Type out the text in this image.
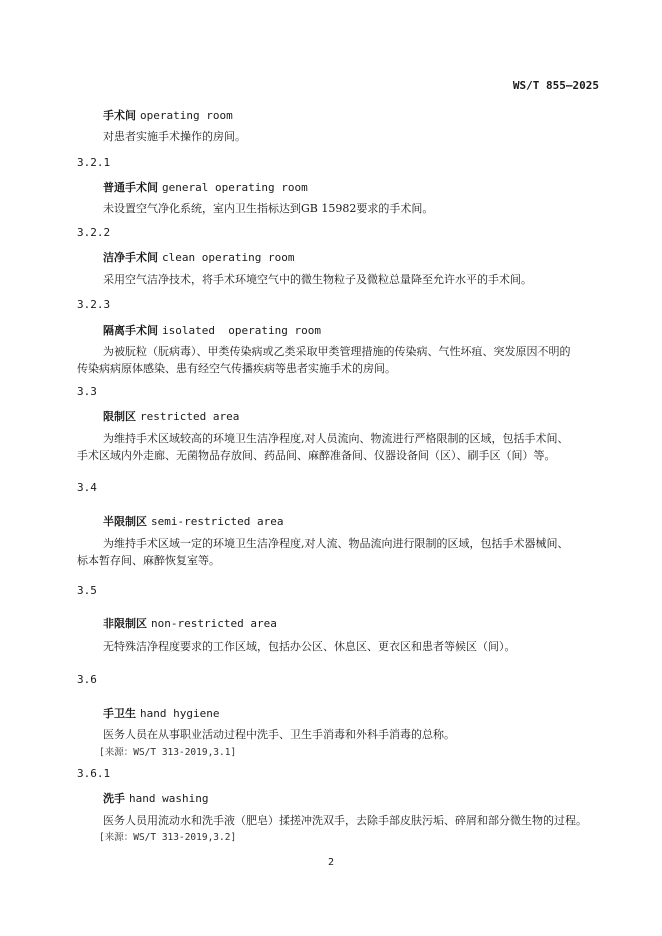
WS/T 855—2025
手术间 operating room
对患者实施手术操作的房间。
3.2.1
普通手术间 general operating room
未设置空气净化系统，室内卫生指标达到GB 15982要求的手术间。
3.2.2
洁净手术间 clean operating room
采用空气洁净技术，将手术环境空气中的微生物粒子及微粒总量降至允许水平的手术间。
3.2.3
隔离手术间 isolated  operating room
为被朊粒（朊病毒）、甲类传染病或乙类采取甲类管理措施的传染病、气性坏疽、突发原因不明的
传染病病原体感染、患有经空气传播疾病等患者实施手术的房间。
3.3
限制区 restricted area
为维持手术区域较高的环境卫生洁净程度,对人员流向、物流进行严格限制的区域，包括手术间、
手术区域内外走廊、无菌物品存放间、药品间、麻醉准备间、仪器设备间（区）、刷手区（间）等。
3.4
半限制区 semi-restricted area
为维持手术区域一定的环境卫生洁净程度,对人流、物品流向进行限制的区域，包括手术器械间、
标本暂存间、麻醉恢复室等。
3.5
非限制区 non-restricted area
无特殊洁净程度要求的工作区域，包括办公区、休息区、更衣区和患者等候区（间）。
3.6
手卫生 hand hygiene
医务人员在从事职业活动过程中洗手、卫生手消毒和外科手消毒的总称。
[来源：WS/T 313-2019,3.1]
3.6.1
洗手 hand washing
医务人员用流动水和洗手液（肥皂）揉搓冲洗双手，去除手部皮肤污垢、碎屑和部分微生物的过程。
[来源：WS/T 313-2019,3.2]
2
